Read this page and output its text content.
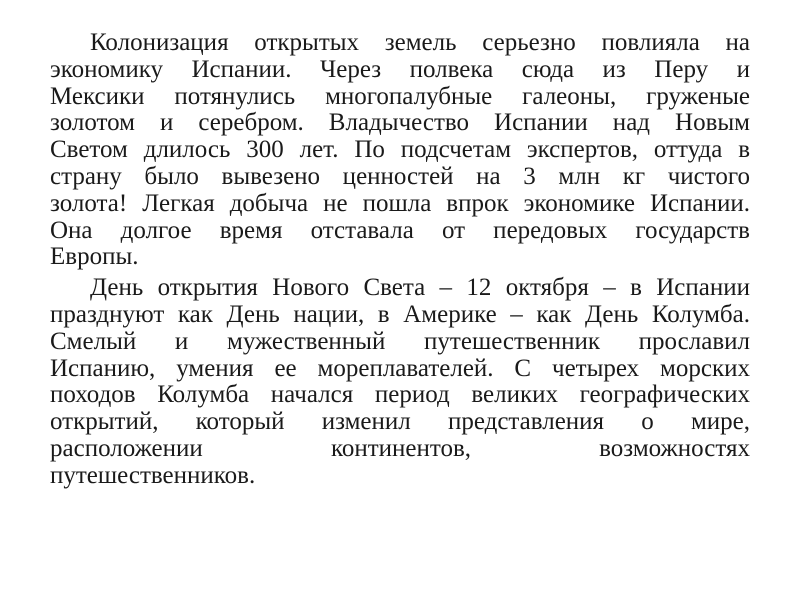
Колонизация открытых земель серьезно повлияла на
экономику Испании. Через полвека сюда из Перу и
Мексики потянулись многопалубные галеоны, груженые
золотом и серебром. Владычество Испании над Новым
Светом длилось 300 лет. По подсчетам экспертов, оттуда в
страну было вывезено ценностей на 3 млн кг чистого
золота! Легкая добыча не пошла впрок экономике Испании.
Она долгое время отставала от передовых государств
Европы.
День открытия Нового Света – 12 октября – в Испании
празднуют как День нации, в Америке – как День Колумба.
Смелый и мужественный путешественник прославил
Испанию, умения ее мореплавателей. С четырех морских
походов Колумба начался период великих географических
открытий, который изменил представления о мире,
расположении континентов, возможностях
путешественников.
